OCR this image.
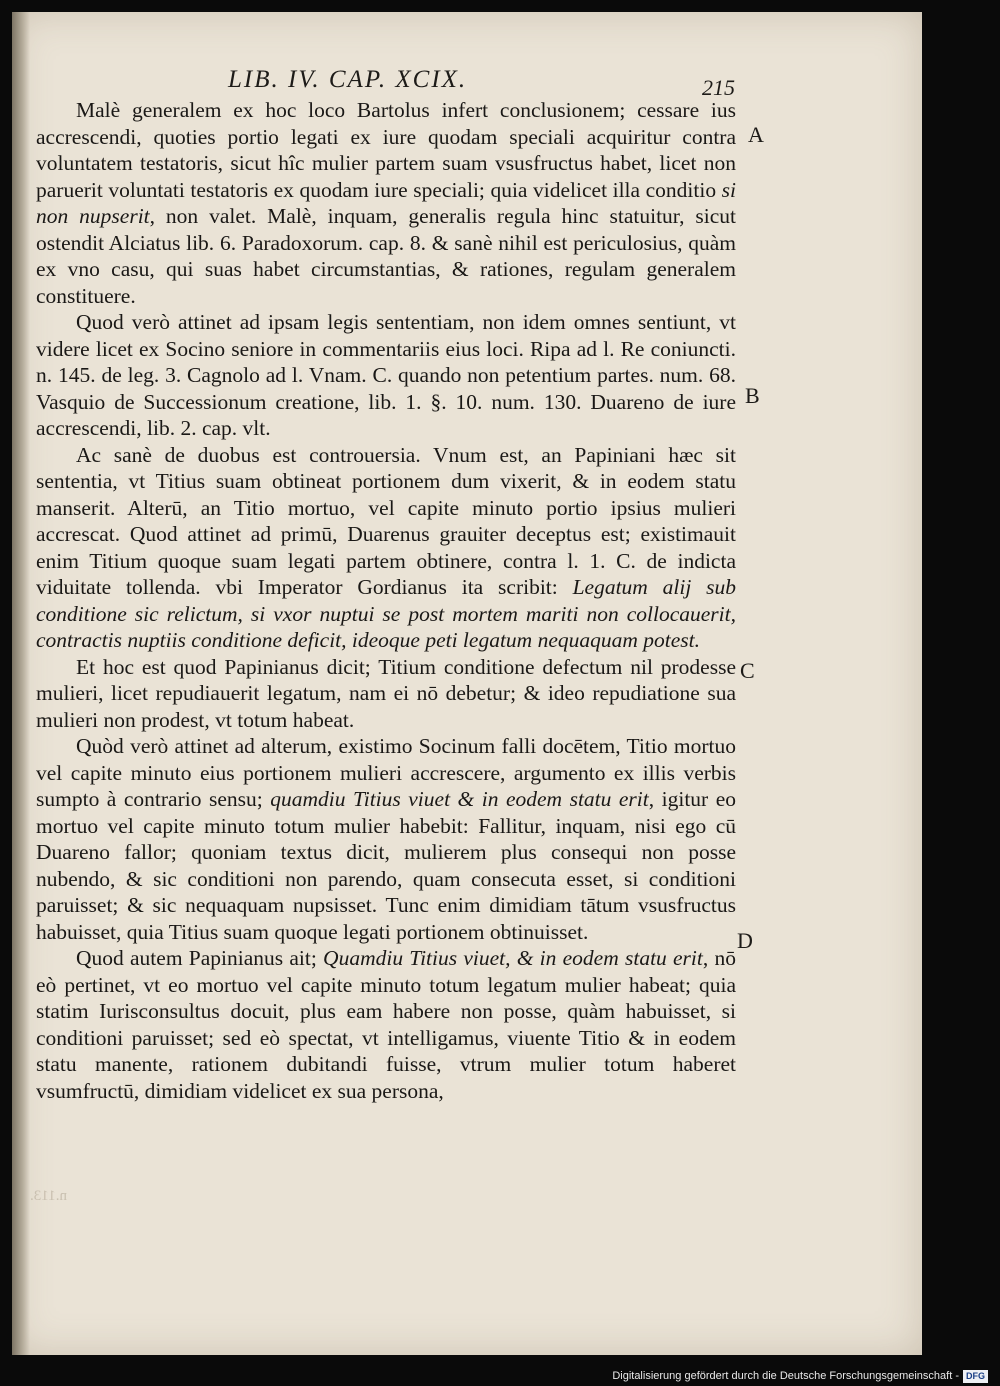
LIB. IV. CAP. XCIX.	215

Malè generalem ex hoc loco Bartolus infert conclusionem; cessare ius accrescendi, quoties portio legati ex iure quodam speciali acquiritur contra voluntatem testatoris, sicut hîc mulier partem suam vsusfructus habet, licet non paruerit voluntati testatoris ex quodam iure speciali; quia videlicet illa conditio si non nupserit, non valet. Malè, inquam, generalis regula hinc statuitur, sicut ostendit Alciatus lib. 6. Paradoxorum. cap. 8. & sanè nihil est periculosius, quàm ex vno casu, qui suas habet circumstantias, & rationes, regulam generalem constituere.

Quod verò attinet ad ipsam legis sententiam, non idem omnes sentiunt, vt videre licet ex Socino seniore in commentariis eius loci. Ripa ad l. Re coniuncti. n. 145. de leg. 3. Cagnolo ad l. Vnam. C. quando non petentium partes. num. 68. Vasquio de Successionum creatione, lib. 1. §. 10. num. 130. Duareno de iure accrescendi, lib. 2. cap. vlt.

Ac sanè de duobus est controuersia. Vnum est, an Papiniani hæc sit sententia, vt Titius suam obtineat portionem dum vixerit, & in eodem statu manserit. Alterū, an Titio mortuo, vel capite minuto portio ipsius mulieri accrescat. Quod attinet ad primū, Duarenus grauiter deceptus est; existimauit enim Titium quoque suam legati partem obtinere, contra l. 1. C. de indicta viduitate tollenda. vbi Imperator Gordianus ita scribit: Legatum alij sub conditione sic relictum, si vxor nuptui se post mortem mariti non collocauerit, contractis nuptiis conditione deficit, ideoque peti legatum nequaquam potest.

Et hoc est quod Papinianus dicit; Titium conditione defectum nil prodesse mulieri, licet repudiauerit legatum, nam ei nō debetur; & ideo repudiatione sua mulieri non prodest, vt totum habeat.

Quòd verò attinet ad alterum, existimo Socinum falli docētem, Titio mortuo vel capite minuto eius portionem mulieri accrescere, argumento ex illis verbis sumpto à contrario sensu; quamdiu Titius viuet & in eodem statu erit, igitur eo mortuo vel capite minuto totum mulier habebit: Fallitur, inquam, nisi ego cū Duareno fallor; quoniam textus dicit, mulierem plus consequi non posse nubendo, & sic conditioni non parendo, quam consecuta esset, si conditioni paruisset; & sic nequaquam nupsisset. Tunc enim dimidiam tātum vsusfructus habuisset, quia Titius suam quoque legati portionem obtinuisset.

Quod autem Papinianus ait; Quamdiu Titius viuet, & in eodem statu erit, nō eò pertinet, vt eo mortuo vel capite minuto totum legatum mulier habeat; quia statim Iurisconsultus docuit, plus eam habere non posse, quàm habuisset, si conditioni paruisset; sed eò spectat, vt intelligamus, viuente Titio & in eodem statu manente, rationem dubitandi fuisse, vtrum mulier totum haberet vsumfructū, dimidiam videlicet ex sua persona,

A
B
C
D
n.113.
Digitalisierung gefördert durch die Deutsche Forschungsgemeinschaft - DFG
